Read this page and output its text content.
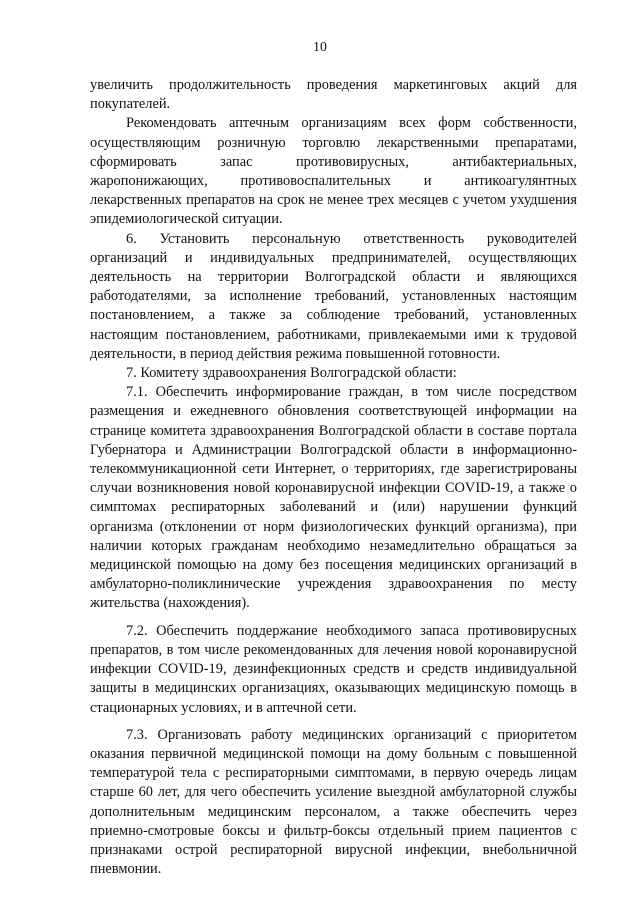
10

увеличить продолжительность проведения маркетинговых акций для покупателей.

Рекомендовать аптечным организациям всех форм собственности, осуществляющим розничную торговлю лекарственными препаратами, сформировать запас противовирусных, антибактериальных, жаропонижающих, противовоспалительных и антикоагулянтных лекарственных препаратов на срок не менее трех месяцев с учетом ухудшения эпидемиологической ситуации.

6. Установить персональную ответственность руководителей организаций и индивидуальных предпринимателей, осуществляющих деятельность на территории Волгоградской области и являющихся работодателями, за исполнение требований, установленных настоящим постановлением, а также за соблюдение требований, установленных настоящим постановлением, работниками, привлекаемыми ими к трудовой деятельности, в период действия режима повышенной готовности.

7. Комитету здравоохранения Волгоградской области:

7.1. Обеспечить информирование граждан, в том числе посредством размещения и ежедневного обновления соответствующей информации на странице комитета здравоохранения Волгоградской области в составе портала Губернатора и Администрации Волгоградской области в информационно-телекоммуникационной сети Интернет, о территориях, где зарегистрированы случаи возникновения новой коронавирусной инфекции COVID-19, а также о симптомах респираторных заболеваний и (или) нарушении функций организма (отклонении от норм физиологических функций организма), при наличии которых гражданам необходимо незамедлительно обращаться за медицинской помощью на дому без посещения медицинских организаций в амбулаторно-поликлинические учреждения здравоохранения по месту жительства (нахождения).

7.2. Обеспечить поддержание необходимого запаса противовирусных препаратов, в том числе рекомендованных для лечения новой коронавирусной инфекции COVID-19, дезинфекционных средств и средств индивидуальной защиты в медицинских организациях, оказывающих медицинскую помощь в стационарных условиях, и в аптечной сети.

7.3. Организовать работу медицинских организаций с приоритетом оказания первичной медицинской помощи на дому больным с повышенной температурой тела с респираторными симптомами, в первую очередь лицам старше 60 лет, для чего обеспечить усиление выездной амбулаторной службы дополнительным медицинским персоналом, а также обеспечить через приемно-смотровые боксы и фильтр-боксы отдельный прием пациентов с признаками острой респираторной вирусной инфекции, внебольничной пневмонии.
